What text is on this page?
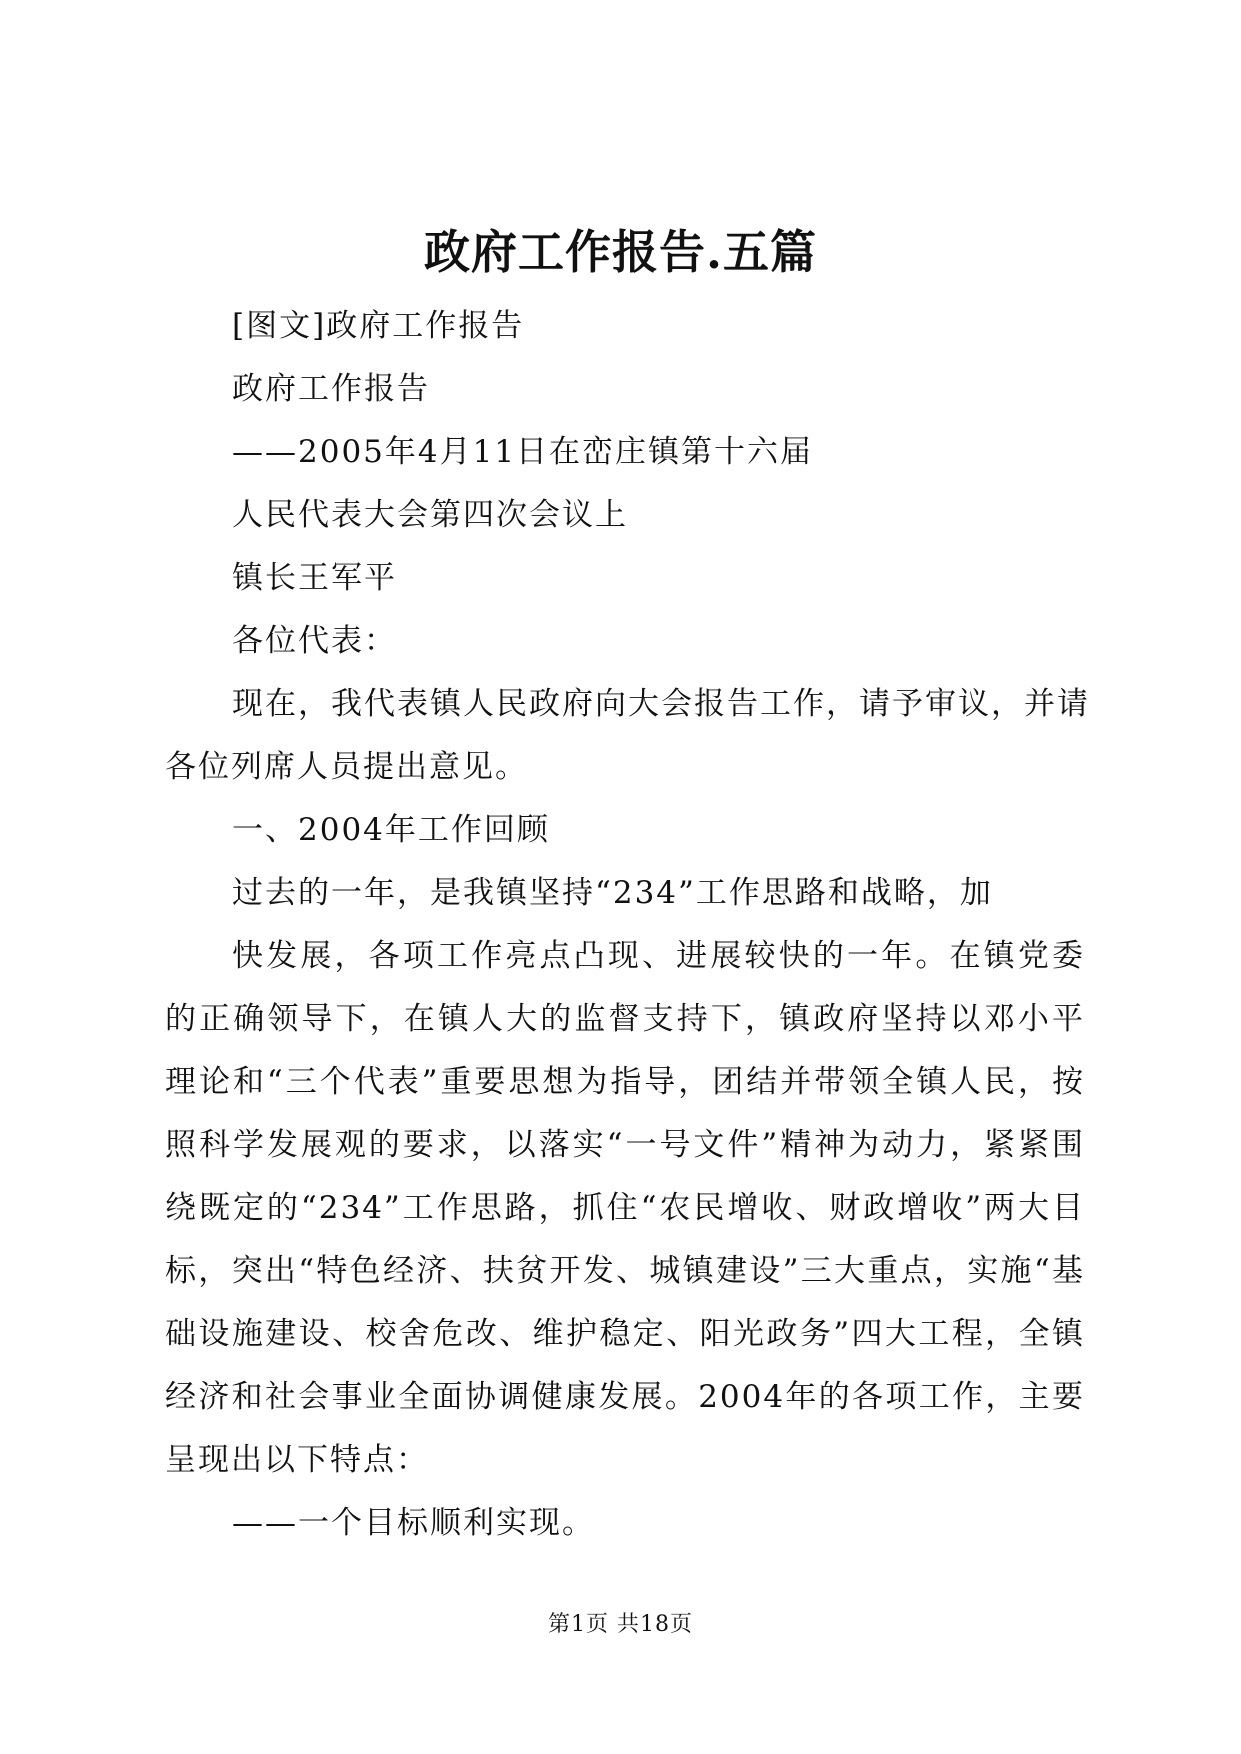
政府工作报告.五篇

[图文]政府工作报告

政府工作报告

——2005年4月11日在峦庄镇第十六届

人民代表大会第四次会议上

镇长王军平

各位代表：

现在，我代表镇人民政府向大会报告工作，请予审议，并请

各位列席人员提出意见。

一、2004年工作回顾

过去的一年，是我镇坚持“234”工作思路和战略，加

快发展，各项工作亮点凸现、进展较快的一年。在镇党委的正确领导下，在镇人大的监督支持下，镇政府坚持以邓小平理论和“三个代表”重要思想为指导，团结并带领全镇人民，按照科学发展观的要求，以落实“一号文件”精神为动力，紧紧围绕既定的“234”工作思路，抓住“农民增收、财政增收”两大目标，突出“特色经济、扶贫开发、城镇建设”三大重点，实施“基础设施建设、校舍危改、维护稳定、阳光政务”四大工程，全镇经济和社会事业全面协调健康发展。2004年的各项工作，主要呈现出以下特点：

——一个目标顺利实现。

第1页 共18页
